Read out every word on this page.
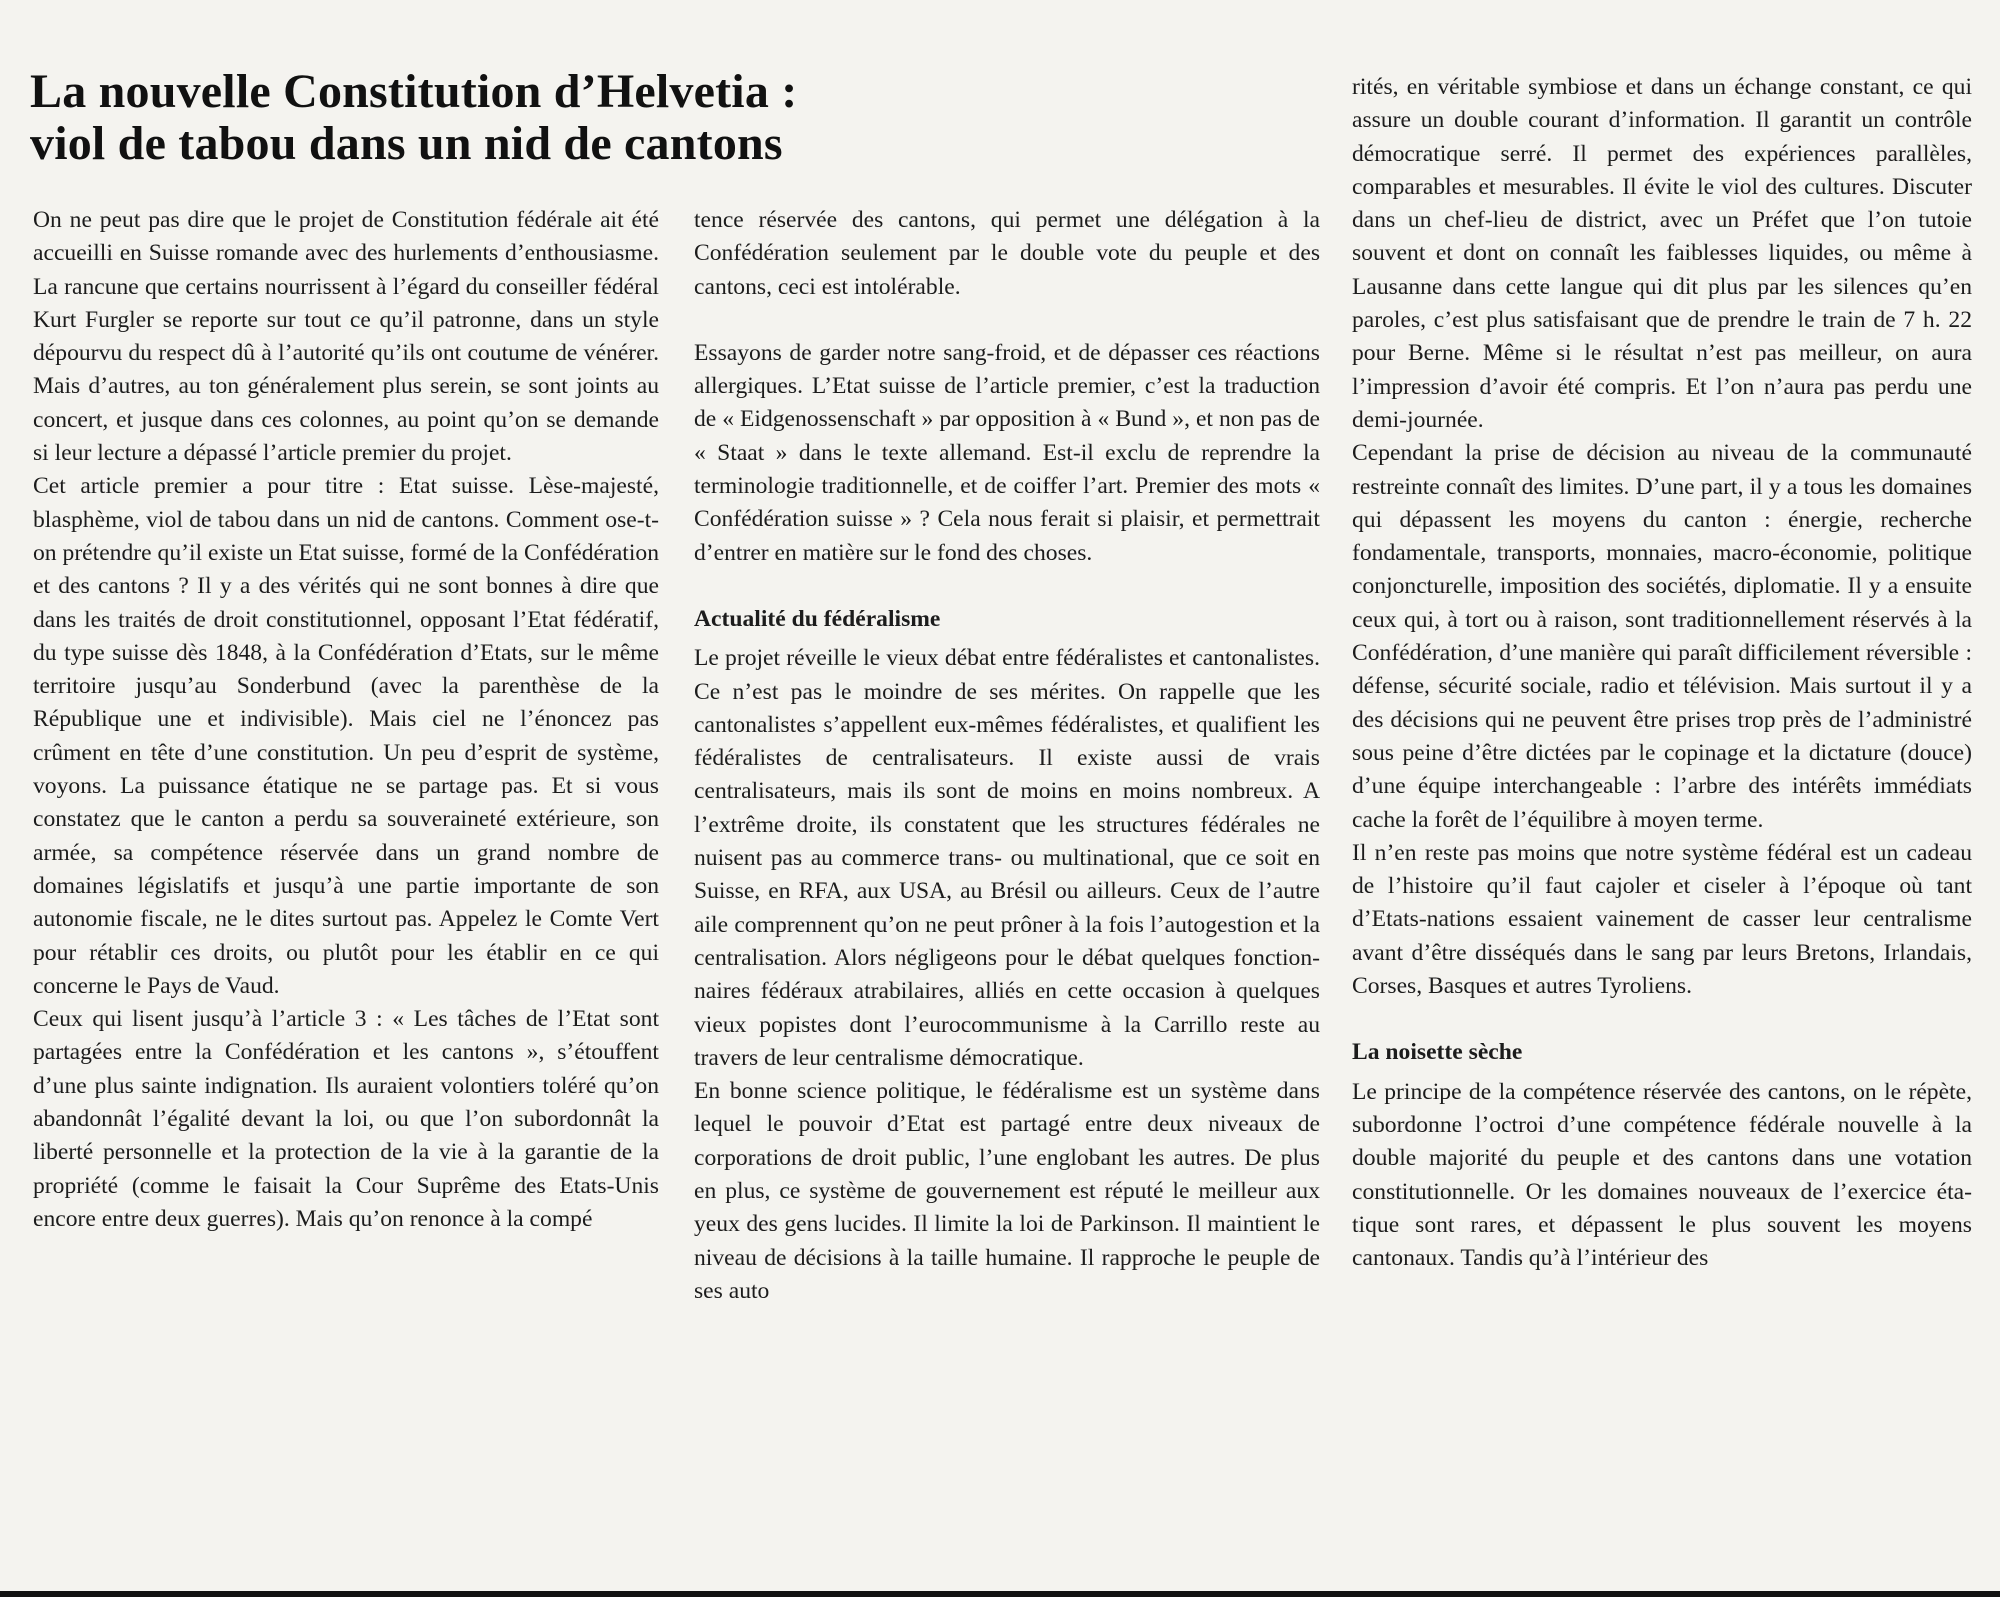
La nouvelle Constitution d’Helvetia :
viol de tabou dans un nid de cantons

On ne peut pas dire que le projet de Constitution fédérale ait été accueilli en Suisse romande avec des hurlements d’enthousiasme. La rancune que certains nourrissent à l’égard du conseiller fédéral Kurt Furgler se reporte sur tout ce qu’il patronne, dans un style dépourvu du respect dû à l’autorité qu’ils ont coutume de vénérer. Mais d’autres, au ton généralement plus serein, se sont joints au concert, et jusque dans ces colonnes, au point qu’on se demande si leur lecture a dépassé l’article premier du projet.

Cet article premier a pour titre : Etat suisse. Lèse-majesté, blasphème, viol de tabou dans un nid de cantons. Comment ose-t-on prétendre qu’il existe un Etat suisse, formé de la Confédération et des cantons ? Il y a des vérités qui ne sont bonnes à dire que dans les traités de droit constitutionnel, opposant l’Etat fédératif, du type suisse dès 1848, à la Confédération d’Etats, sur le même territoire jusqu’au Sonderbund (avec la parenthèse de la République une et indivisible). Mais ciel ne l’énoncez pas crûment en tête d’une constitution. Un peu d’esprit de système, voyons. La puissance étatique ne se partage pas. Et si vous constatez que le canton a perdu sa souveraineté extérieure, son armée, sa compétence réservée dans un grand nombre de domaines législatifs et jusqu’à une partie importante de son autonomie fiscale, ne le dites surtout pas. Appelez le Comte Vert pour rétablir ces droits, ou plutôt pour les établir en ce qui concerne le Pays de Vaud.

Ceux qui lisent jusqu’à l’article 3 : « Les tâches de l’Etat sont partagées entre la Confédération et les cantons », s’étouffent d’une plus sainte indignation. Ils auraient volontiers toléré qu’on abandonnât l’égalité devant la loi, ou que l’on subordonnât la liberté personnelle et la protection de la vie à la garantie de la propriété (comme le faisait la Cour Suprême des Etats-Unis encore entre deux guerres). Mais qu’on renonce à la compé

tence réservée des cantons, qui permet une délégation à la Confédération seulement par le double vote du peuple et des cantons, ceci est intolérable.

Essayons de garder notre sang-froid, et de dépasser ces réactions allergiques. L’Etat suisse de l’article premier, c’est la traduction de « Eidgenossenschaft » par opposition à « Bund », et non pas de « Staat » dans le texte allemand. Est-il exclu de reprendre la terminologie traditionnelle, et de coiffer l’art. Premier des mots « Confédération suisse » ? Cela nous ferait si plaisir, et permettrait d’entrer en matière sur le fond des choses.

Actualité du fédéralisme

Le projet réveille le vieux débat entre fédéralistes et cantonalistes. Ce n’est pas le moindre de ses mérites. On rappelle que les cantonalistes s’appellent eux-mêmes fédéralistes, et qualifient les fédéralistes de centralisateurs. Il existe aussi de vrais centralisateurs, mais ils sont de moins en moins nombreux. A l’extrême droite, ils constatent que les structures fédérales ne nuisent pas au commerce trans- ou multinational, que ce soit en Suisse, en RFA, aux USA, au Brésil ou ailleurs. Ceux de l’autre aile comprennent qu’on ne peut prôner à la fois l’autogestion et la centralisation. Alors négligeons pour le débat quelques fonctionnaires fédéraux atrabilaires, alliés en cette occasion à quelques vieux popistes dont l’eurocommunisme à la Carrillo reste au travers de leur centralisme démocratique.

En bonne science politique, le fédéralisme est un système dans lequel le pouvoir d’Etat est partagé entre deux niveaux de corporations de droit public, l’une englobant les autres. De plus en plus, ce système de gouvernement est réputé le meilleur aux yeux des gens lucides. Il limite la loi de Parkinson. Il maintient le niveau de décisions à la taille humaine. Il rapproche le peuple de ses auto

rités, en véritable symbiose et dans un échange constant, ce qui assure un double courant d’information. Il garantit un contrôle démocratique serré. Il permet des expériences parallèles, comparables et mesurables. Il évite le viol des cultures. Discuter dans un chef-lieu de district, avec un Préfet que l’on tutoie souvent et dont on connaît les faiblesses liquides, ou même à Lausanne dans cette langue qui dit plus par les silences qu’en paroles, c’est plus satisfaisant que de prendre le train de 7 h. 22 pour Berne. Même si le résultat n’est pas meilleur, on aura l’impression d’avoir été compris. Et l’on n’aura pas perdu une demi-journée.

Cependant la prise de décision au niveau de la communauté restreinte connaît des limites. D’une part, il y a tous les domaines qui dépassent les moyens du canton : énergie, recherche fondamentale, transports, monnaies, macro-économie, politique conjoncturelle, imposition des sociétés, diplomatie. Il y a ensuite ceux qui, à tort ou à raison, sont traditionnellement réservés à la Confédération, d’une manière qui paraît difficilement réversible : défense, sécurité sociale, radio et télévision. Mais surtout il y a des décisions qui ne peuvent être prises trop près de l’administré sous peine d’être dictées par le copinage et la dictature (douce) d’une équipe interchangeable : l’arbre des intérêts immédiats cache la forêt de l’équilibre à moyen terme.

Il n’en reste pas moins que notre système fédéral est un cadeau de l’histoire qu’il faut cajoler et ciseler à l’époque où tant d’Etats-nations essaient vainement de casser leur centralisme avant d’être disséqués dans le sang par leurs Bretons, Irlandais, Corses, Basques et autres Tyroliens.

La noisette sèche

Le principe de la compétence réservée des cantons, on le répète, subordonne l’octroi d’une compétence fédérale nouvelle à la double majorité du peuple et des cantons dans une votation constitutionnelle. Or les domaines nouveaux de l’exercice étatique sont rares, et dépassent le plus souvent les moyens cantonaux. Tandis qu’à l’intérieur des
